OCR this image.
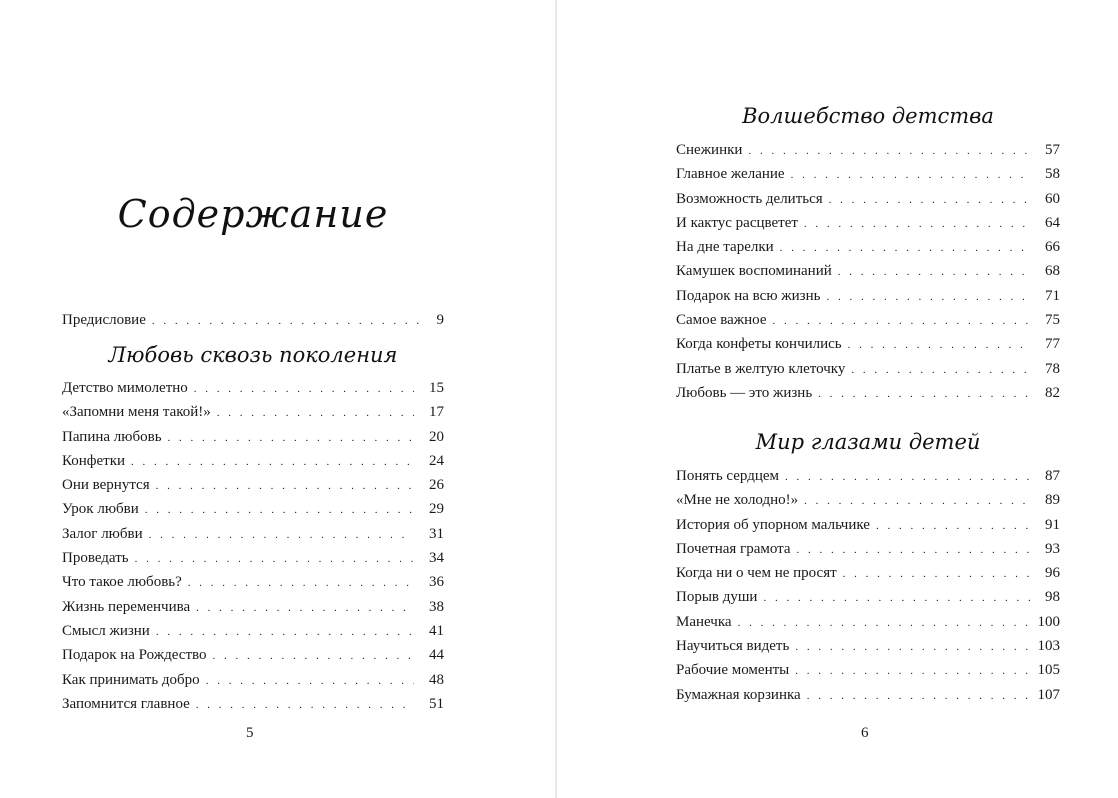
Содержание
Предисловие . . .	9
Любовь сквозь поколения
Детство мимолетно . . .	15
«Запомни меня такой!» . . .	17
Папина любовь . . .	20
Конфетки . . .	24
Они вернутся . . .	26
Урок любви . . .	29
Залог любви . . .	31
Проведать . . .	34
Что такое любовь? . . .	36
Жизнь переменчива . . .	38
Смысл жизни . . .	41
Подарок на Рождество . . .	44
Как принимать добро . . .	48
Запомнится главное . . .	51
5
Волшебство детства
Снежинки . . .	57
Главное желание . . .	58
Возможность делиться . . .	60
И кактус расцветет . . .	64
На дне тарелки . . .	66
Камушек воспоминаний . . .	68
Подарок на всю жизнь . . .	71
Самое важное . . .	75
Когда конфеты кончились . . .	77
Платье в желтую клеточку . . .	78
Любовь — это жизнь . . .	82
Мир глазами детей
Понять сердцем . . .	87
«Мне не холодно!» . . .	89
История об упорном мальчике . . .	91
Почетная грамота . . .	93
Когда ни о чем не просят . . .	96
Порыв души . . .	98
Манечка . . .	100
Научиться видеть . . .	103
Рабочие моменты . . .	105
Бумажная корзинка . . .	107
6
